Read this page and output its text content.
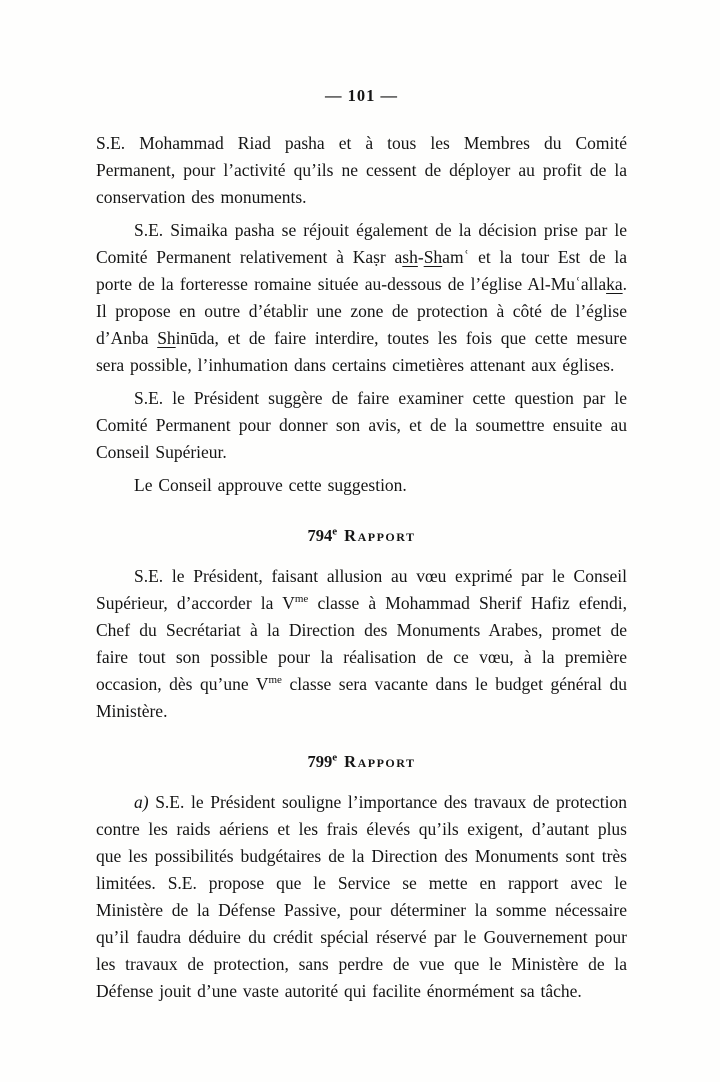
— 101 —

S.E. Mohammad Riad pasha et à tous les Membres du Comité Permanent, pour l’activité qu’ils ne cessent de déployer au profit de la conservation des monuments.

S.E. Simaika pasha se réjouit également de la décision prise par le Comité Permanent relativement à Kaṣr ash-Shamʿ et la tour Est de la porte de la forteresse romaine située au-dessous de l’église Al-Muʿallaka. Il propose en outre d’établir une zone de protection à côté de l’église d’Anba Shinūda, et de faire interdire, toutes les fois que cette mesure sera possible, l’inhumation dans certains cimetières attenant aux églises.

S.E. le Président suggère de faire examiner cette question par le Comité Permanent pour donner son avis, et de la soumettre ensuite au Conseil Supérieur.

Le Conseil approuve cette suggestion.

794e Rapport

S.E. le Président, faisant allusion au vœu exprimé par le Conseil Supérieur, d’accorder la $V^{me}$ classe à Mohammad Sherif Hafiz efendi, Chef du Secrétariat à la Direction des Monuments Arabes, promet de faire tout son possible pour la réalisation de ce vœu, à la première occasion, dès qu’une $V^{me}$ classe sera vacante dans le budget général du Ministère.

799e Rapport

a) S.E. le Président souligne l’importance des travaux de protection contre les raids aériens et les frais élevés qu’ils exigent, d’autant plus que les possibilités budgétaires de la Direction des Monuments sont très limitées. S.E. propose que le Service se mette en rapport avec le Ministère de la Défense Passive, pour déterminer la somme nécessaire qu’il faudra déduire du crédit spécial réservé par le Gouvernement pour les travaux de protection, sans perdre de vue que le Ministère de la Défense jouit d’une vaste autorité qui facilite énormément sa tâche.
